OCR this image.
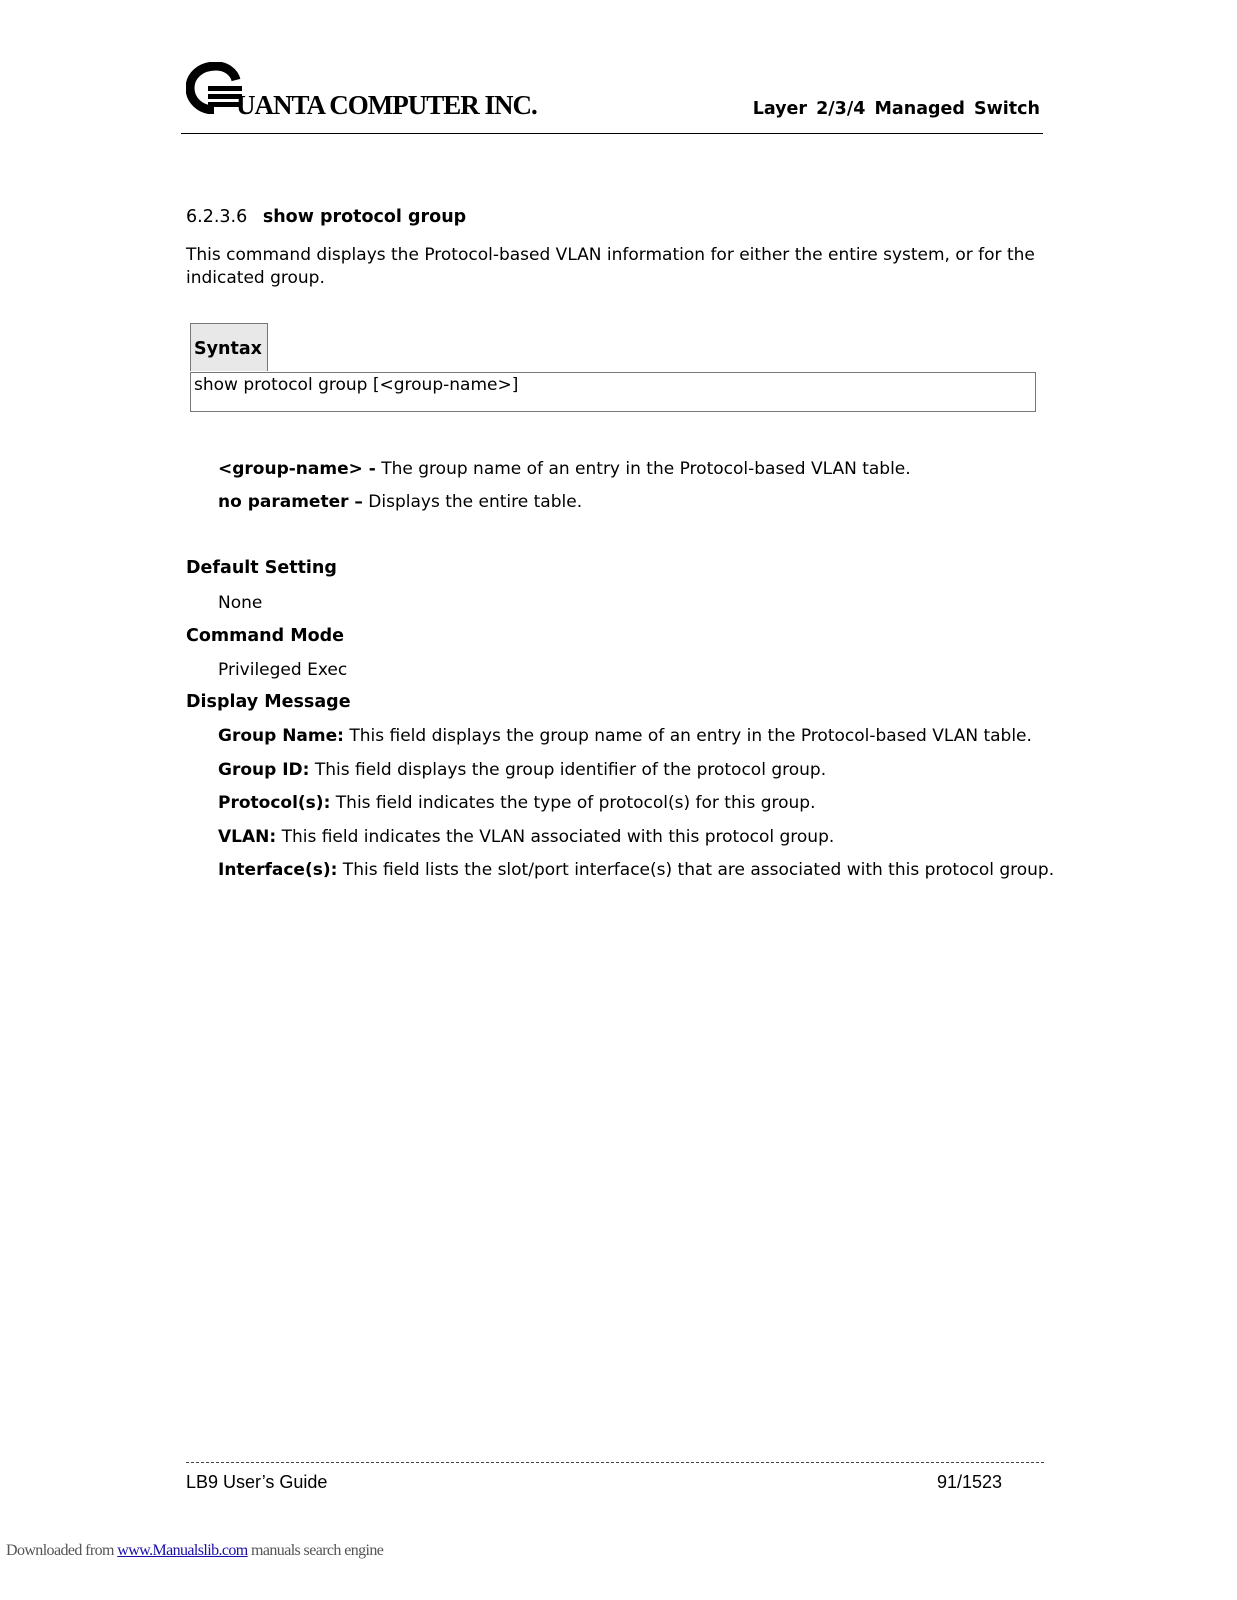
UANTA COMPUTER INC.	Layer 2/3/4 Managed Switch
6.2.3.6 show protocol group
This command displays the Protocol-based VLAN information for either the entire system, or for the indicated group.
Syntax
show protocol group [<group-name>]
<group-name> - The group name of an entry in the Protocol-based VLAN table.
no parameter – Displays the entire table.
Default Setting
None
Command Mode
Privileged Exec
Display Message
Group Name: This field displays the group name of an entry in the Protocol-based VLAN table.
Group ID: This field displays the group identifier of the protocol group.
Protocol(s): This field indicates the type of protocol(s) for this group.
VLAN: This field indicates the VLAN associated with this protocol group.
Interface(s): This field lists the slot/port interface(s) that are associated with this protocol group.
LB9 User’s Guide	91/1523
Downloaded from www.Manualslib.com manuals search engine
